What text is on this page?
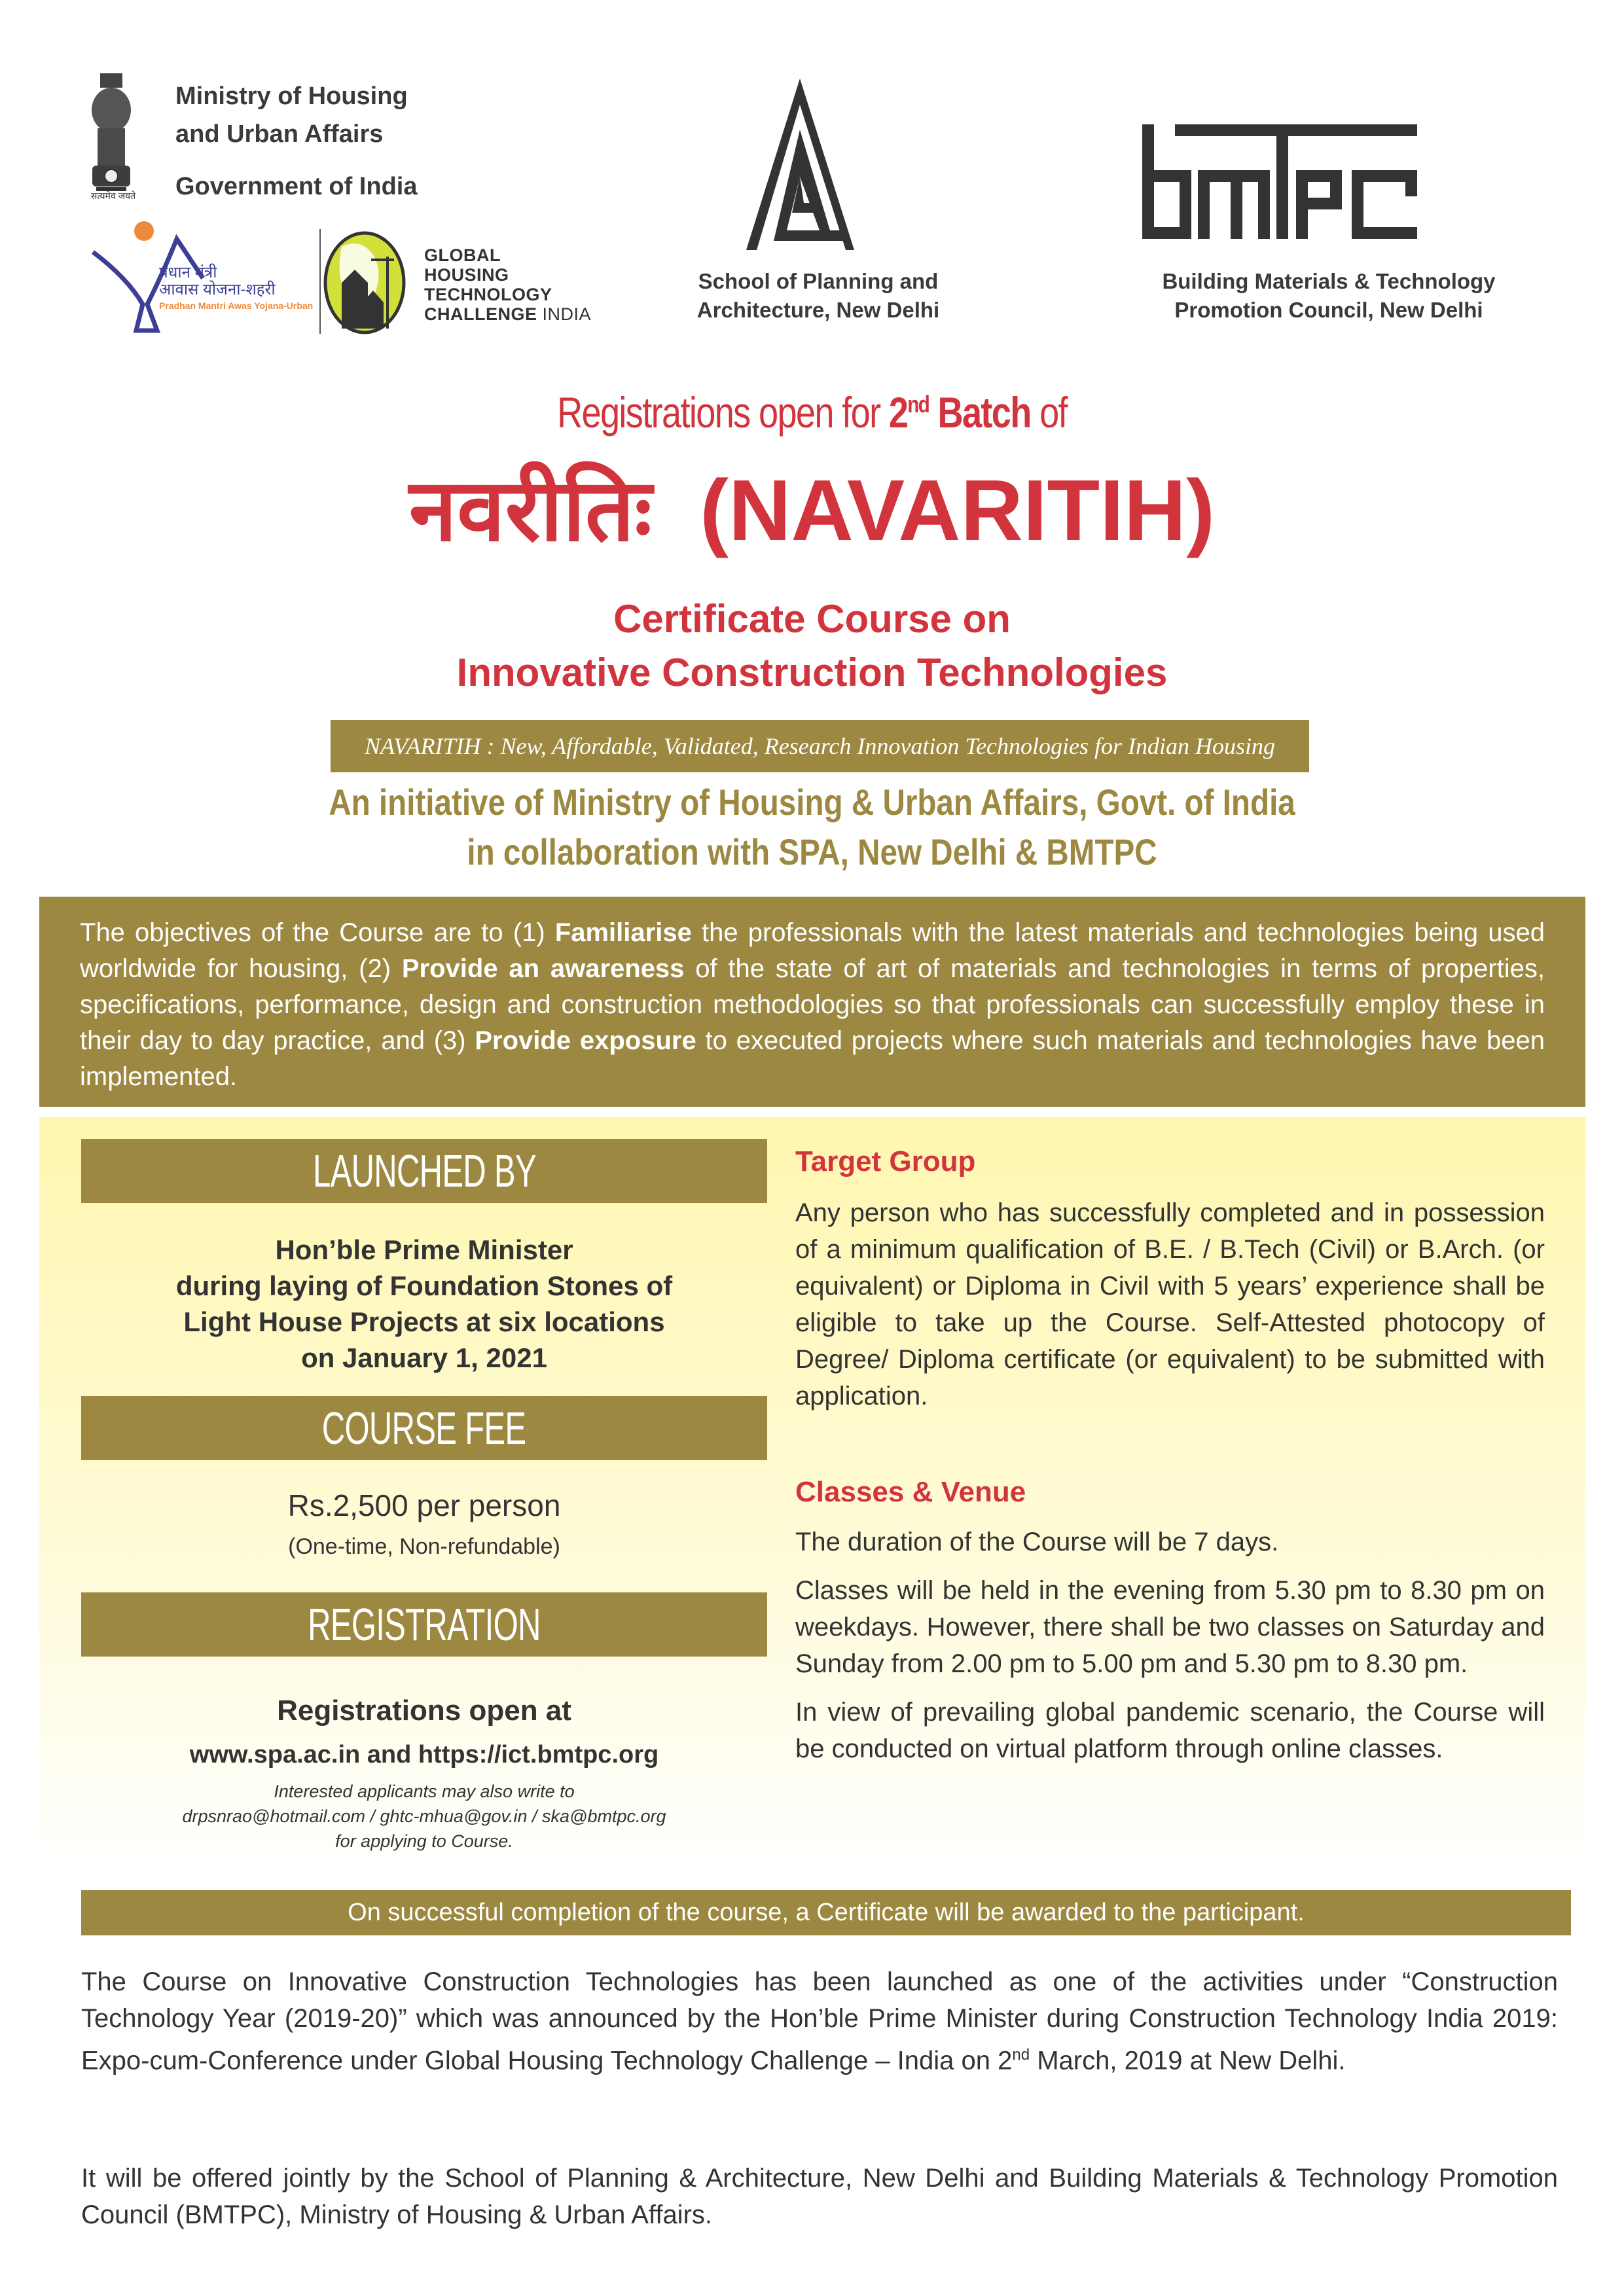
सत्यमेव जयते
Ministry of Housing
and Urban Affairs
Government of India
प्रधान मंत्री
आवास योजना-शहरी
Pradhan Mantri Awas Yojana-Urban
GLOBAL
HOUSING
TECHNOLOGY
CHALLENGE INDIA
School of Planning and
Architecture, New Delhi
Building Materials & Technology
Promotion Council, New Delhi
Registrations open for 2nd Batch of
नवरीतिः (NAVARITIH)
Certificate Course on
Innovative Construction Technologies
NAVARITIH : New, Affordable, Validated, Research Innovation Technologies for Indian Housing
An initiative of Ministry of Housing & Urban Affairs, Govt. of India
in collaboration with SPA, New Delhi & BMTPC
The objectives of the Course are to (1) Familiarise the professionals with the latest materials and technologies being used worldwide for housing, (2) Provide an awareness of the state of art of materials and technologies in terms of properties, specifications, performance, design and construction methodologies so that professionals can successfully employ these in their day to day practice, and (3) Provide exposure to executed projects where such materials and technologies have been implemented.
LAUNCHED BY
Hon’ble Prime Minister
during laying of Foundation Stones of
Light House Projects at six locations
on January 1, 2021
COURSE FEE
Rs.2,500 per person
(One-time, Non-refundable)
REGISTRATION
Registrations open at
www.spa.ac.in and https://ict.bmtpc.org
Interested applicants may also write to
drpsnrao@hotmail.com / ghtc-mhua@gov.in / ska@bmtpc.org
for applying to Course.
Target Group
Any person who has successfully completed and in possession of a minimum qualification of B.E. / B.Tech (Civil) or B.Arch. (or equivalent) or Diploma in Civil with 5 years’ experience shall be eligible to take up the Course. Self-Attested photocopy of Degree/ Diploma certificate (or equivalent) to be submitted with application.
Classes & Venue
The duration of the Course will be 7 days.
Classes will be held in the evening from 5.30 pm to 8.30 pm on weekdays. However, there shall be two classes on Saturday and Sunday from 2.00 pm to 5.00 pm and 5.30 pm to 8.30 pm.
In view of prevailing global pandemic scenario, the Course will be conducted on virtual platform through online classes.
On successful completion of the course, a Certificate will be awarded to the participant.
The Course on Innovative Construction Technologies has been launched as one of the activities under “Construction Technology Year (2019-20)” which was announced by the Hon’ble Prime Minister during Construction Technology India 2019: Expo-cum-Conference under Global Housing Technology Challenge – India on 2nd March, 2019 at New Delhi.
It will be offered jointly by the School of Planning & Architecture, New Delhi and Building Materials & Technology Promotion Council (BMTPC), Ministry of Housing & Urban Affairs.
